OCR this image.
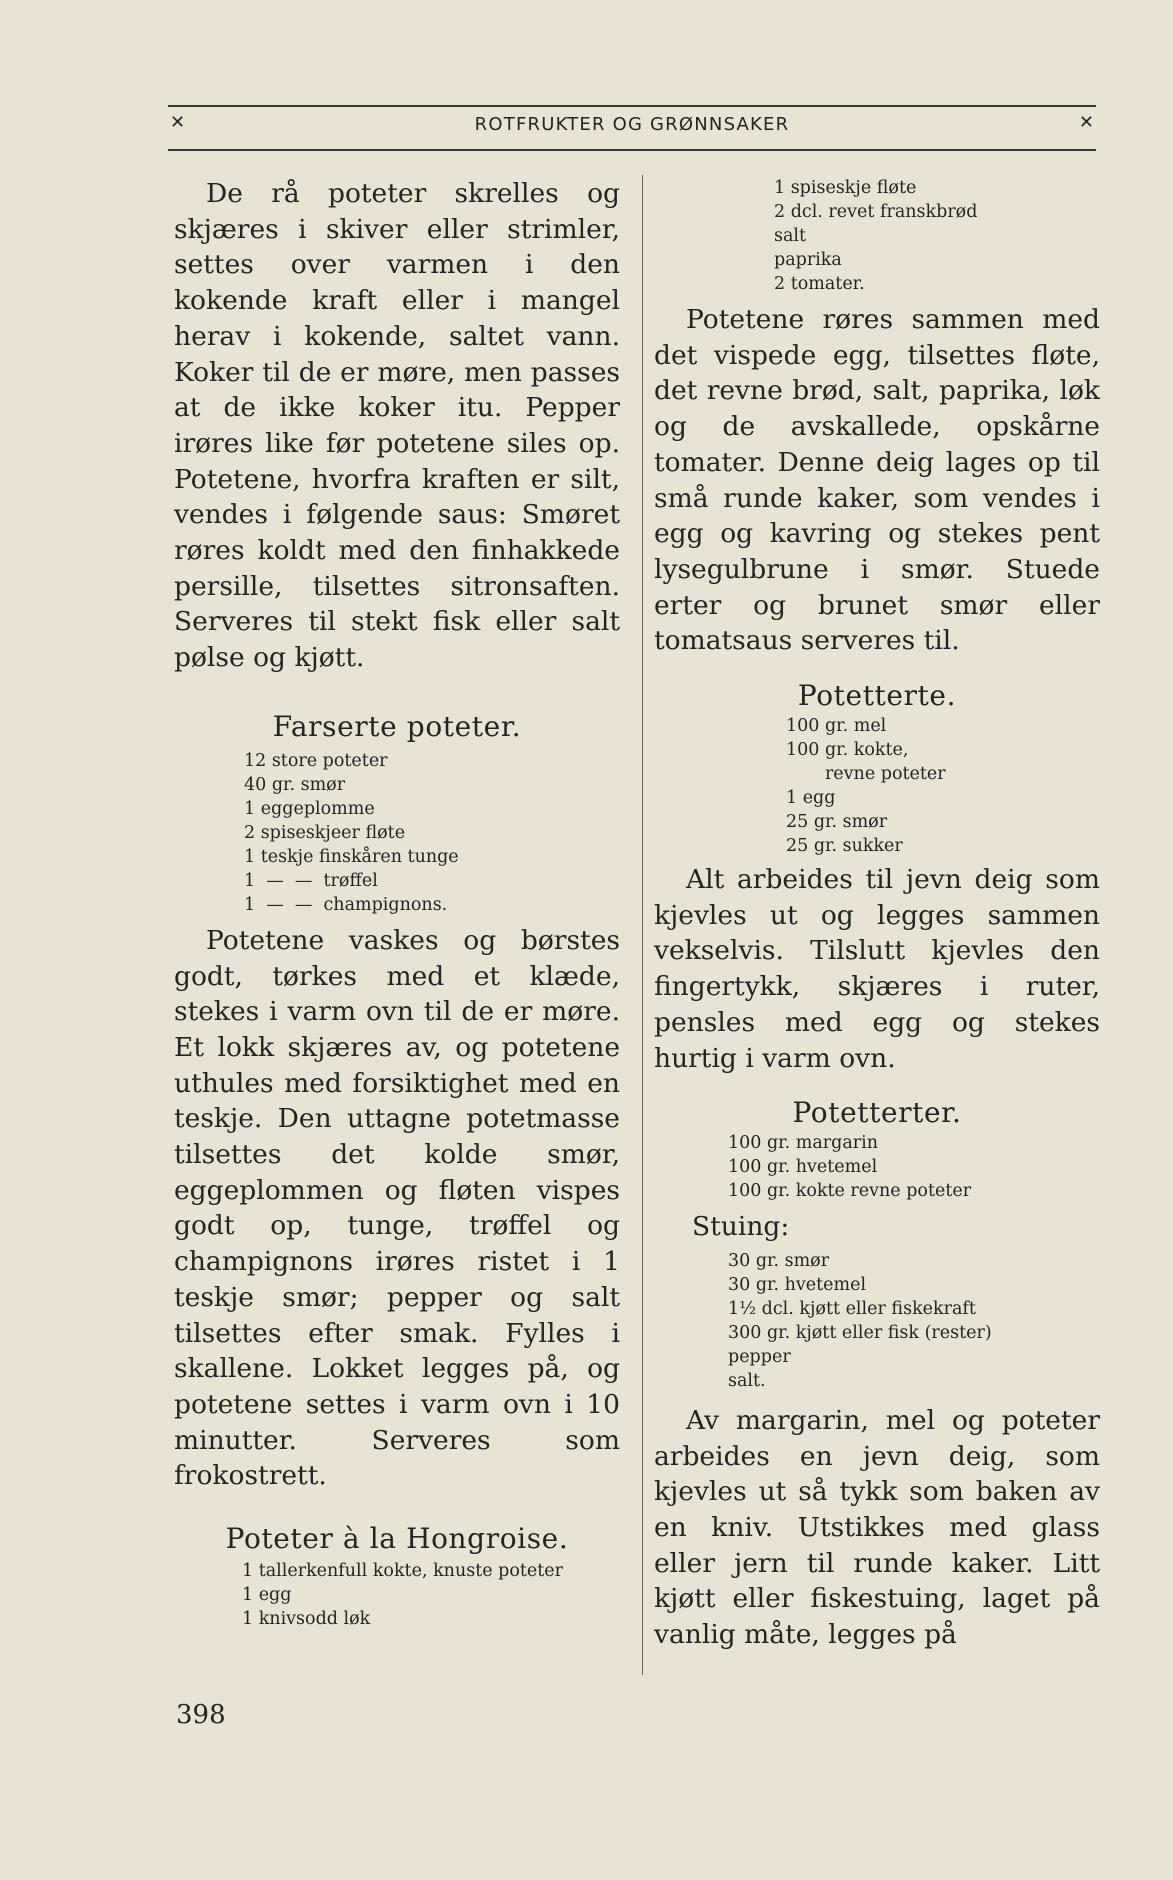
✕	ROTFRUKTER OG GRØNNSAKER	✕

De rå poteter skrelles og skjæres i skiver eller strimler, settes over varmen i den kokende kraft eller i mangel herav i kokende, saltet vann. Koker til de er møre, men passes at de ikke koker itu. Pepper irøres like før potetene siles op. Potetene, hvorfra kraften er silt, vendes i følgende saus: Smøret røres koldt med den finhakkede persille, tilsettes sitronsaften. Serveres til stekt fisk eller salt pølse og kjøtt.

Farserte poteter.
12 store poteter
40 gr. smør
1 eggeplomme
2 spiseskjeer fløte
1 teskje finskåren tunge
1  —  —  trøffel
1  —  —  champignons.

Potetene vaskes og børstes godt, tørkes med et klæde, stekes i varm ovn til de er møre. Et lokk skjæres av, og potetene uthules med forsiktighet med en teskje. Den uttagne potetmasse tilsettes det kolde smør, eggeplommen og fløten vispes godt op, tunge, trøffel og champignons irøres ristet i 1 teskje smør; pepper og salt tilsettes efter smak. Fylles i skallene. Lokket legges på, og potetene settes i varm ovn i 10 minutter. Serveres som frokostrett.

Poteter à la Hongroise.
1 tallerkenfull kokte, knuste poteter
1 egg
1 knivsodd løk
1 spiseskje fløte
2 dcl. revet franskbrød
salt
paprika
2 tomater.

Potetene røres sammen med det vispede egg, tilsettes fløte, det revne brød, salt, paprika, løk og de avskallede, opskårne tomater. Denne deig lages op til små runde kaker, som vendes i egg og kavring og stekes pent lysegulbrune i smør. Stuede erter og brunet smør eller tomatsaus serveres til.

Potetterte.
100 gr. mel
100 gr. kokte,
revne poteter
1 egg
25 gr. smør
25 gr. sukker

Alt arbeides til jevn deig som kjevles ut og legges sammen vekselvis. Tilslutt kjevles den fingertykk, skjæres i ruter, pensles med egg og stekes hurtig i varm ovn.

Potetterter.
100 gr. margarin
100 gr. hvetemel
100 gr. kokte revne poteter

Stuing:

30 gr. smør
30 gr. hvetemel
1½ dcl. kjøtt eller fiskekraft
300 gr. kjøtt eller fisk (rester)
pepper
salt.

Av margarin, mel og poteter arbeides en jevn deig, som kjevles ut så tykk som baken av en kniv. Utstikkes med glass eller jern til runde kaker. Litt kjøtt eller fiskestuing, laget på vanlig måte, legges på

398
